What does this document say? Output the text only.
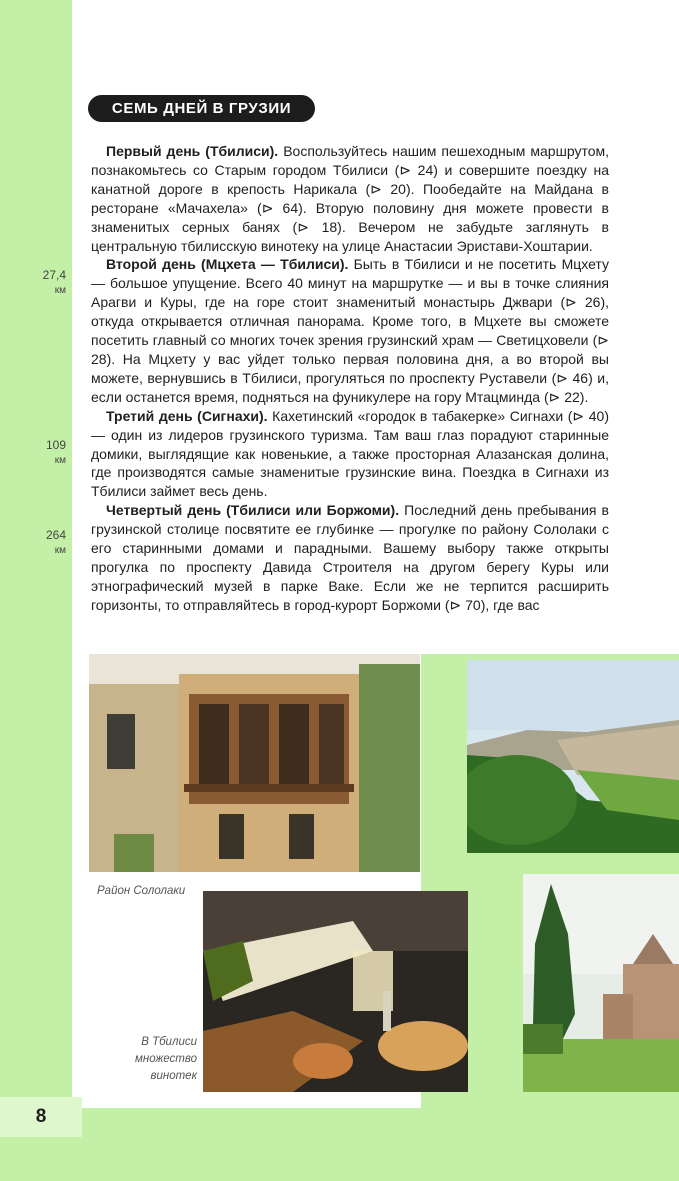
8
СЕМЬ ДНЕЙ В ГРУЗИИ
27,4
км
109
км
264
км

Первый день (Тбилиси). Воспользуйтесь нашим пешеходным маршрутом, познакомьтесь со Старым городом Тбилиси (⊳ 24) и совершите поездку на канатной дороге в крепость Нарикала (⊳ 20). Пообедайте на Майдана в ресторане «Мачахела» (⊳ 64). Вторую половину дня можете провести в знаменитых серных банях (⊳ 18). Вечером не забудьте заглянуть в центральную тбилисскую винотеку на улице Анастасии Эристави-Хоштарии.

Второй день (Мцхета — Тбилиси). Быть в Тбилиси и не посетить Мцхету — большое упущение. Всего 40 минут на маршрутке — и вы в точке слияния Арагви и Куры, где на горе стоит знаменитый монастырь Джвари (⊳ 26), откуда открывается отличная панорама. Кроме того, в Мцхете вы сможете посетить главный со многих точек зрения грузинский храм — Светицховели (⊳ 28). На Мцхету у вас уйдет только первая половина дня, а во второй вы можете, вернувшись в Тбилиси, прогуляться по проспекту Руставели (⊳ 46) и, если останется время, подняться на фуникулере на гору Мтацминда (⊳ 22).

Третий день (Сигнахи). Кахетинский «городок в табакерке» Сигнахи (⊳ 40) — один из лидеров грузинского туризма. Там ваш глаз порадуют старинные домики, выглядящие как новенькие, а также просторная Алазанская долина, где производятся самые знаменитые грузинские вина. Поездка в Сигнахи из Тбилиси займет весь день.

Четвертый день (Тбилиси или Боржоми). Последний день пребывания в грузинской столице посвятите ее глубинке — прогулке по району Сололаки с его старинными домами и парадными. Вашему выбору также открыты прогулка по проспекту Давида Строителя на другом берегу Куры или этнографический музей в парке Ваке. Если же не терпится расширить горизонты, то отправляйтесь в город-курорт Боржоми (⊳ 70), где вас

Район Сололаки
В Тбилиси множество винотек
